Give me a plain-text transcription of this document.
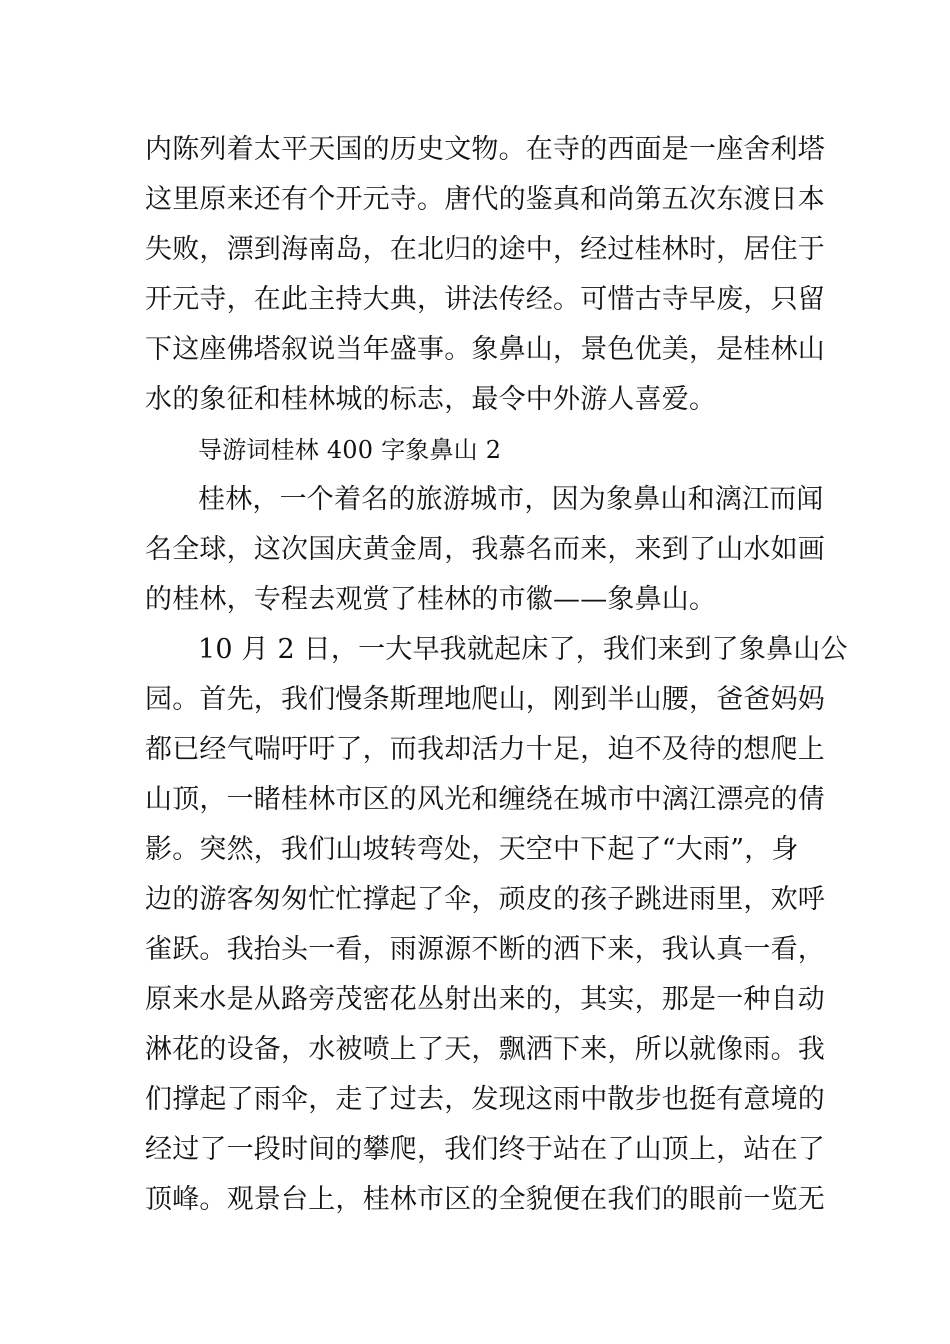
内陈列着太平天国的历史文物。在寺的西面是一座舍利塔
这里原来还有个开元寺。唐代的鉴真和尚第五次东渡日本
失败，漂到海南岛，在北归的途中，经过桂林时，居住于
开元寺，在此主持大典，讲法传经。可惜古寺早废，只留
下这座佛塔叙说当年盛事。象鼻山，景色优美，是桂林山
水的象征和桂林城的标志，最令中外游人喜爱。
导游词桂林 400 字象鼻山 2
桂林，一个着名的旅游城市，因为象鼻山和漓江而闻
名全球，这次国庆黄金周，我慕名而来，来到了山水如画
的桂林，专程去观赏了桂林的市徽——象鼻山。
10 月 2 日，一大早我就起床了，我们来到了象鼻山公
园。首先，我们慢条斯理地爬山，刚到半山腰，爸爸妈妈
都已经气喘吁吁了，而我却活力十足，迫不及待的想爬上
山顶，一睹桂林市区的风光和缠绕在城市中漓江漂亮的倩
影。突然，我们山坡转弯处，天空中下起了“大雨”，身
边的游客匆匆忙忙撑起了伞，顽皮的孩子跳进雨里，欢呼
雀跃。我抬头一看，雨源源不断的洒下来，我认真一看，
原来水是从路旁茂密花丛射出来的，其实，那是一种自动
淋花的设备，水被喷上了天，飘洒下来，所以就像雨。我
们撑起了雨伞，走了过去，发现这雨中散步也挺有意境的
经过了一段时间的攀爬，我们终于站在了山顶上，站在了
顶峰。观景台上，桂林市区的全貌便在我们的眼前一览无
